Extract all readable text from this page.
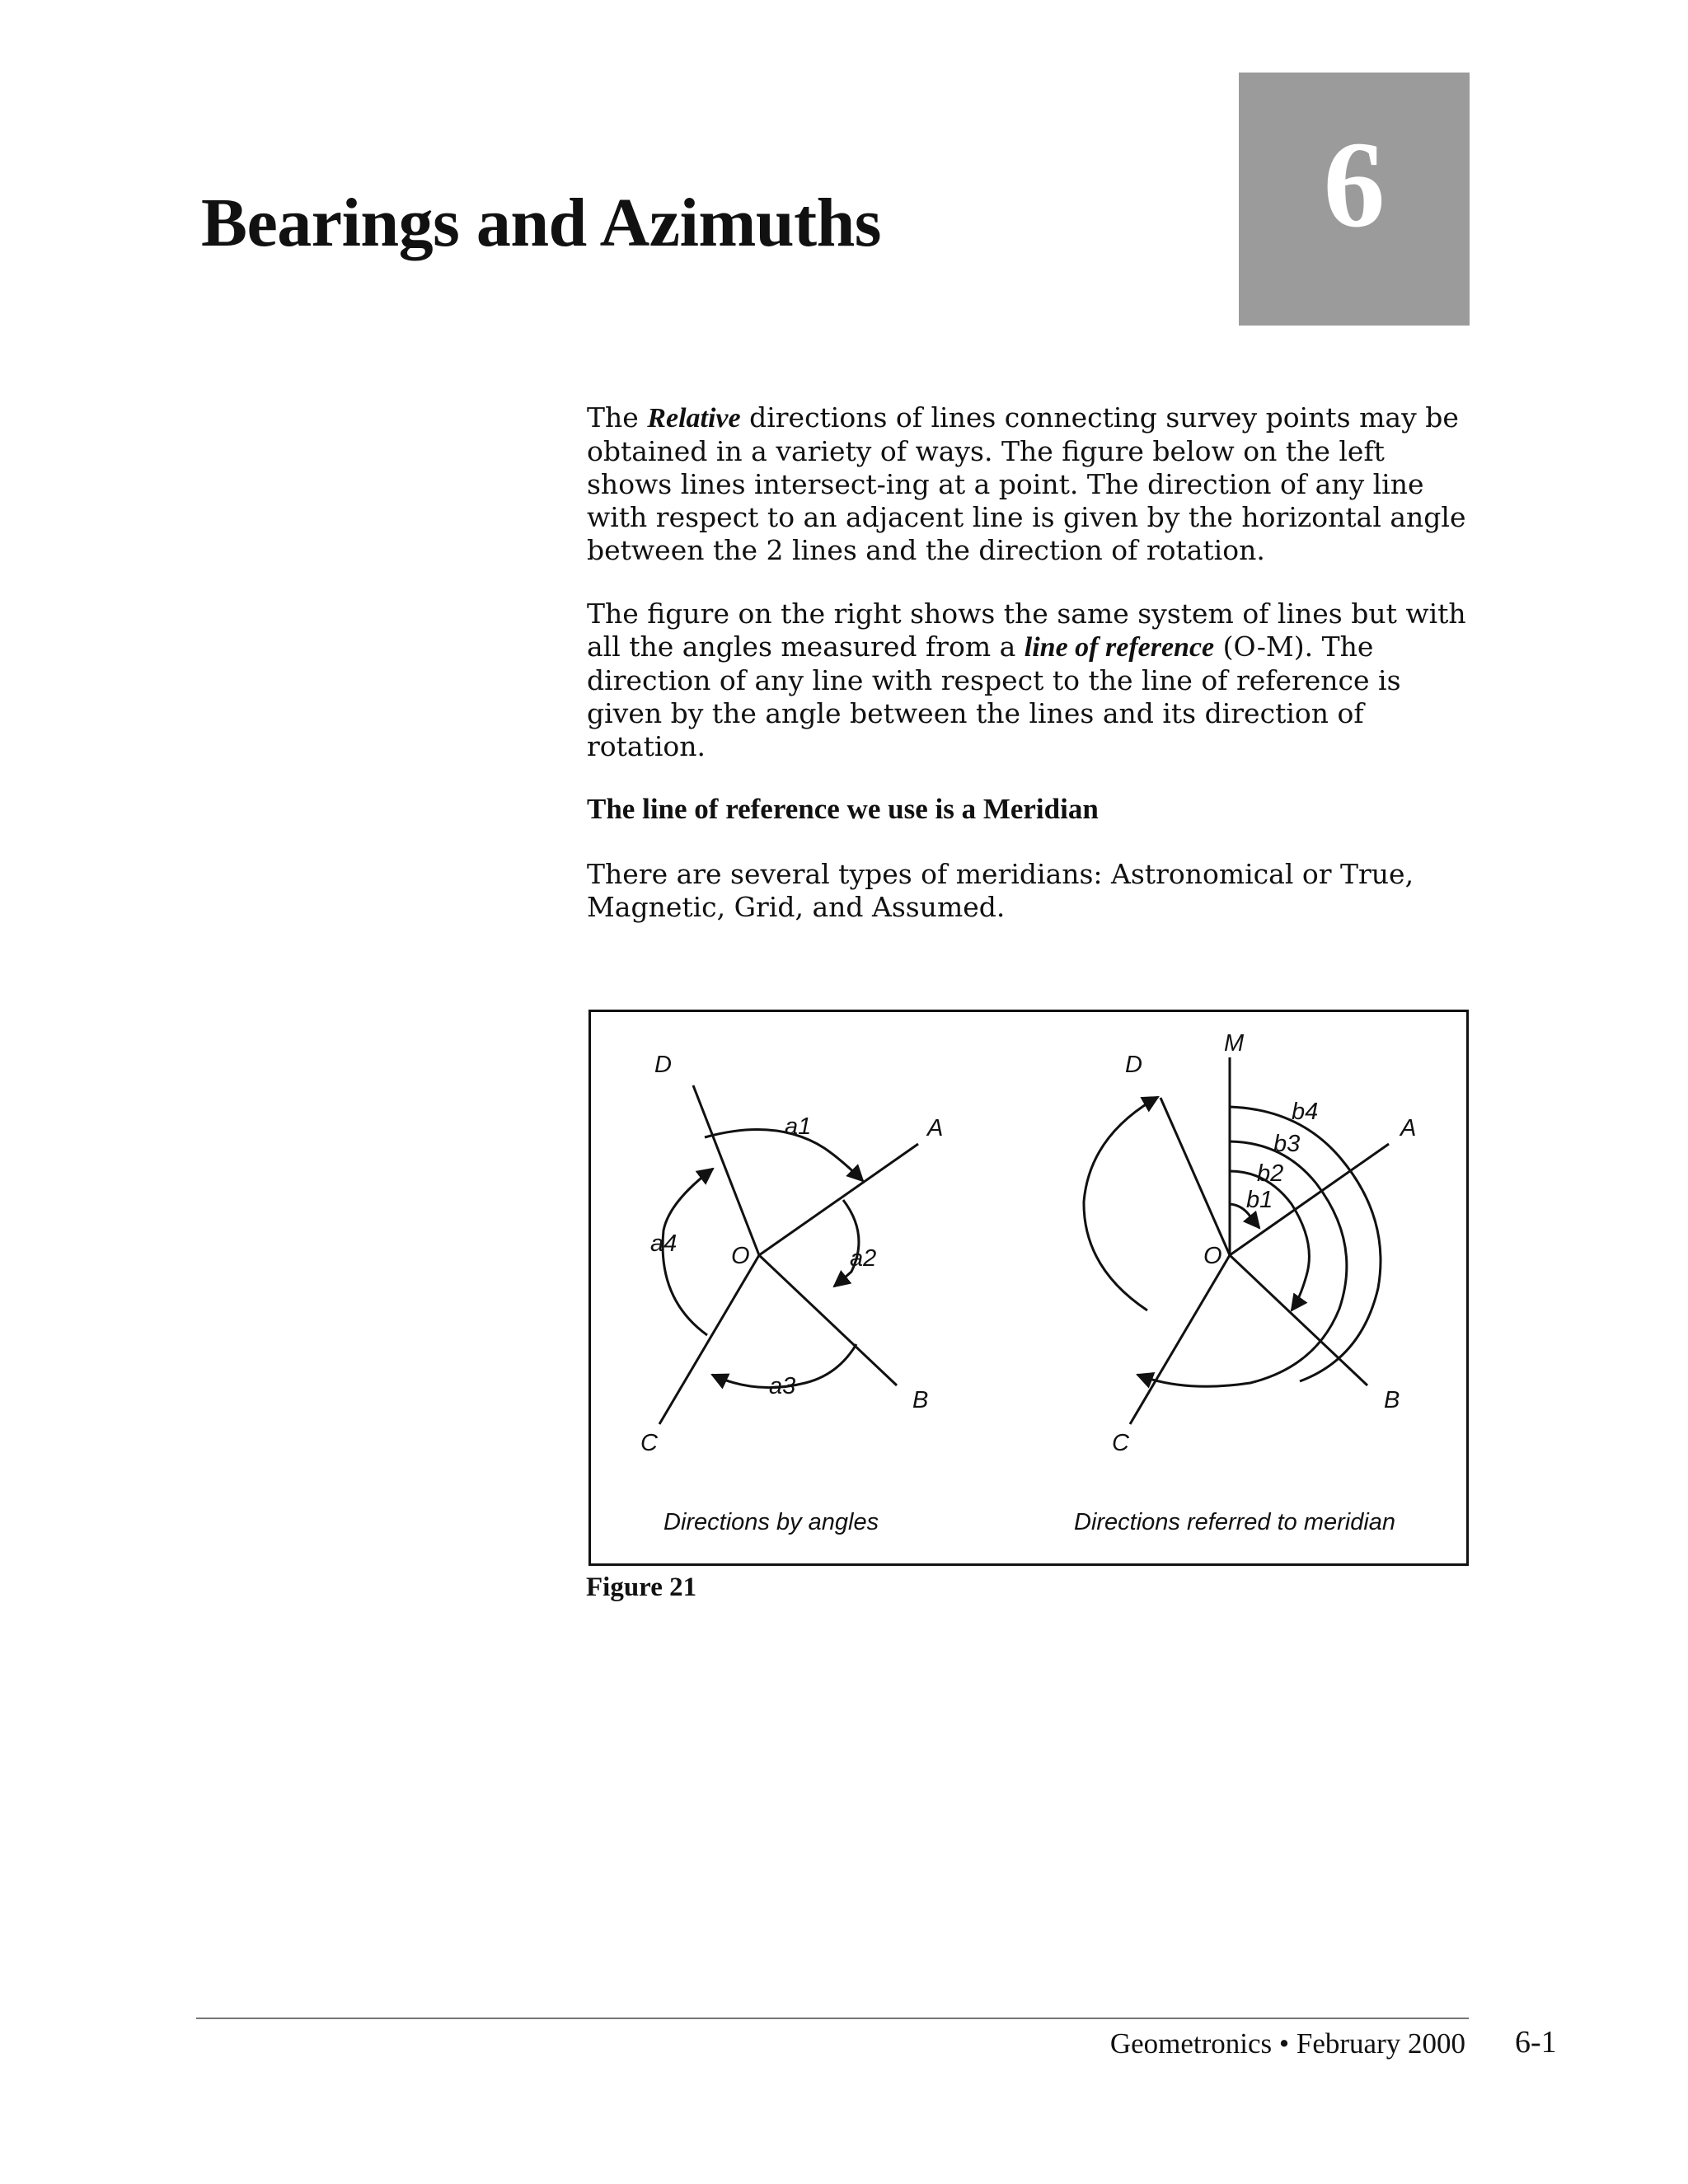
Bearings and Azimuths	6

The Relative directions of lines connecting survey points may be obtained in a variety of ways. The figure below on the left shows lines intersect-ing at a point. The direction of any line with respect to an adjacent line is given by the horizontal angle between the 2 lines and the direction of rotation.

The figure on the right shows the same system of lines but with all the angles measured from a line of reference (O-M). The direction of any line with respect to the line of reference is given by the angle between the lines and its direction of rotation.

The line of reference we use is a Meridian

There are several types of meridians: Astronomical or True, Magnetic, Grid, and Assumed.

D
A
B
C
O
a1
a2
a3
a4
Directions by angles
M
D
A
B
C
O
b1
b2
b3
b4
Directions referred to meridian
Figure 21
Geometronics • February 2000 6-1
